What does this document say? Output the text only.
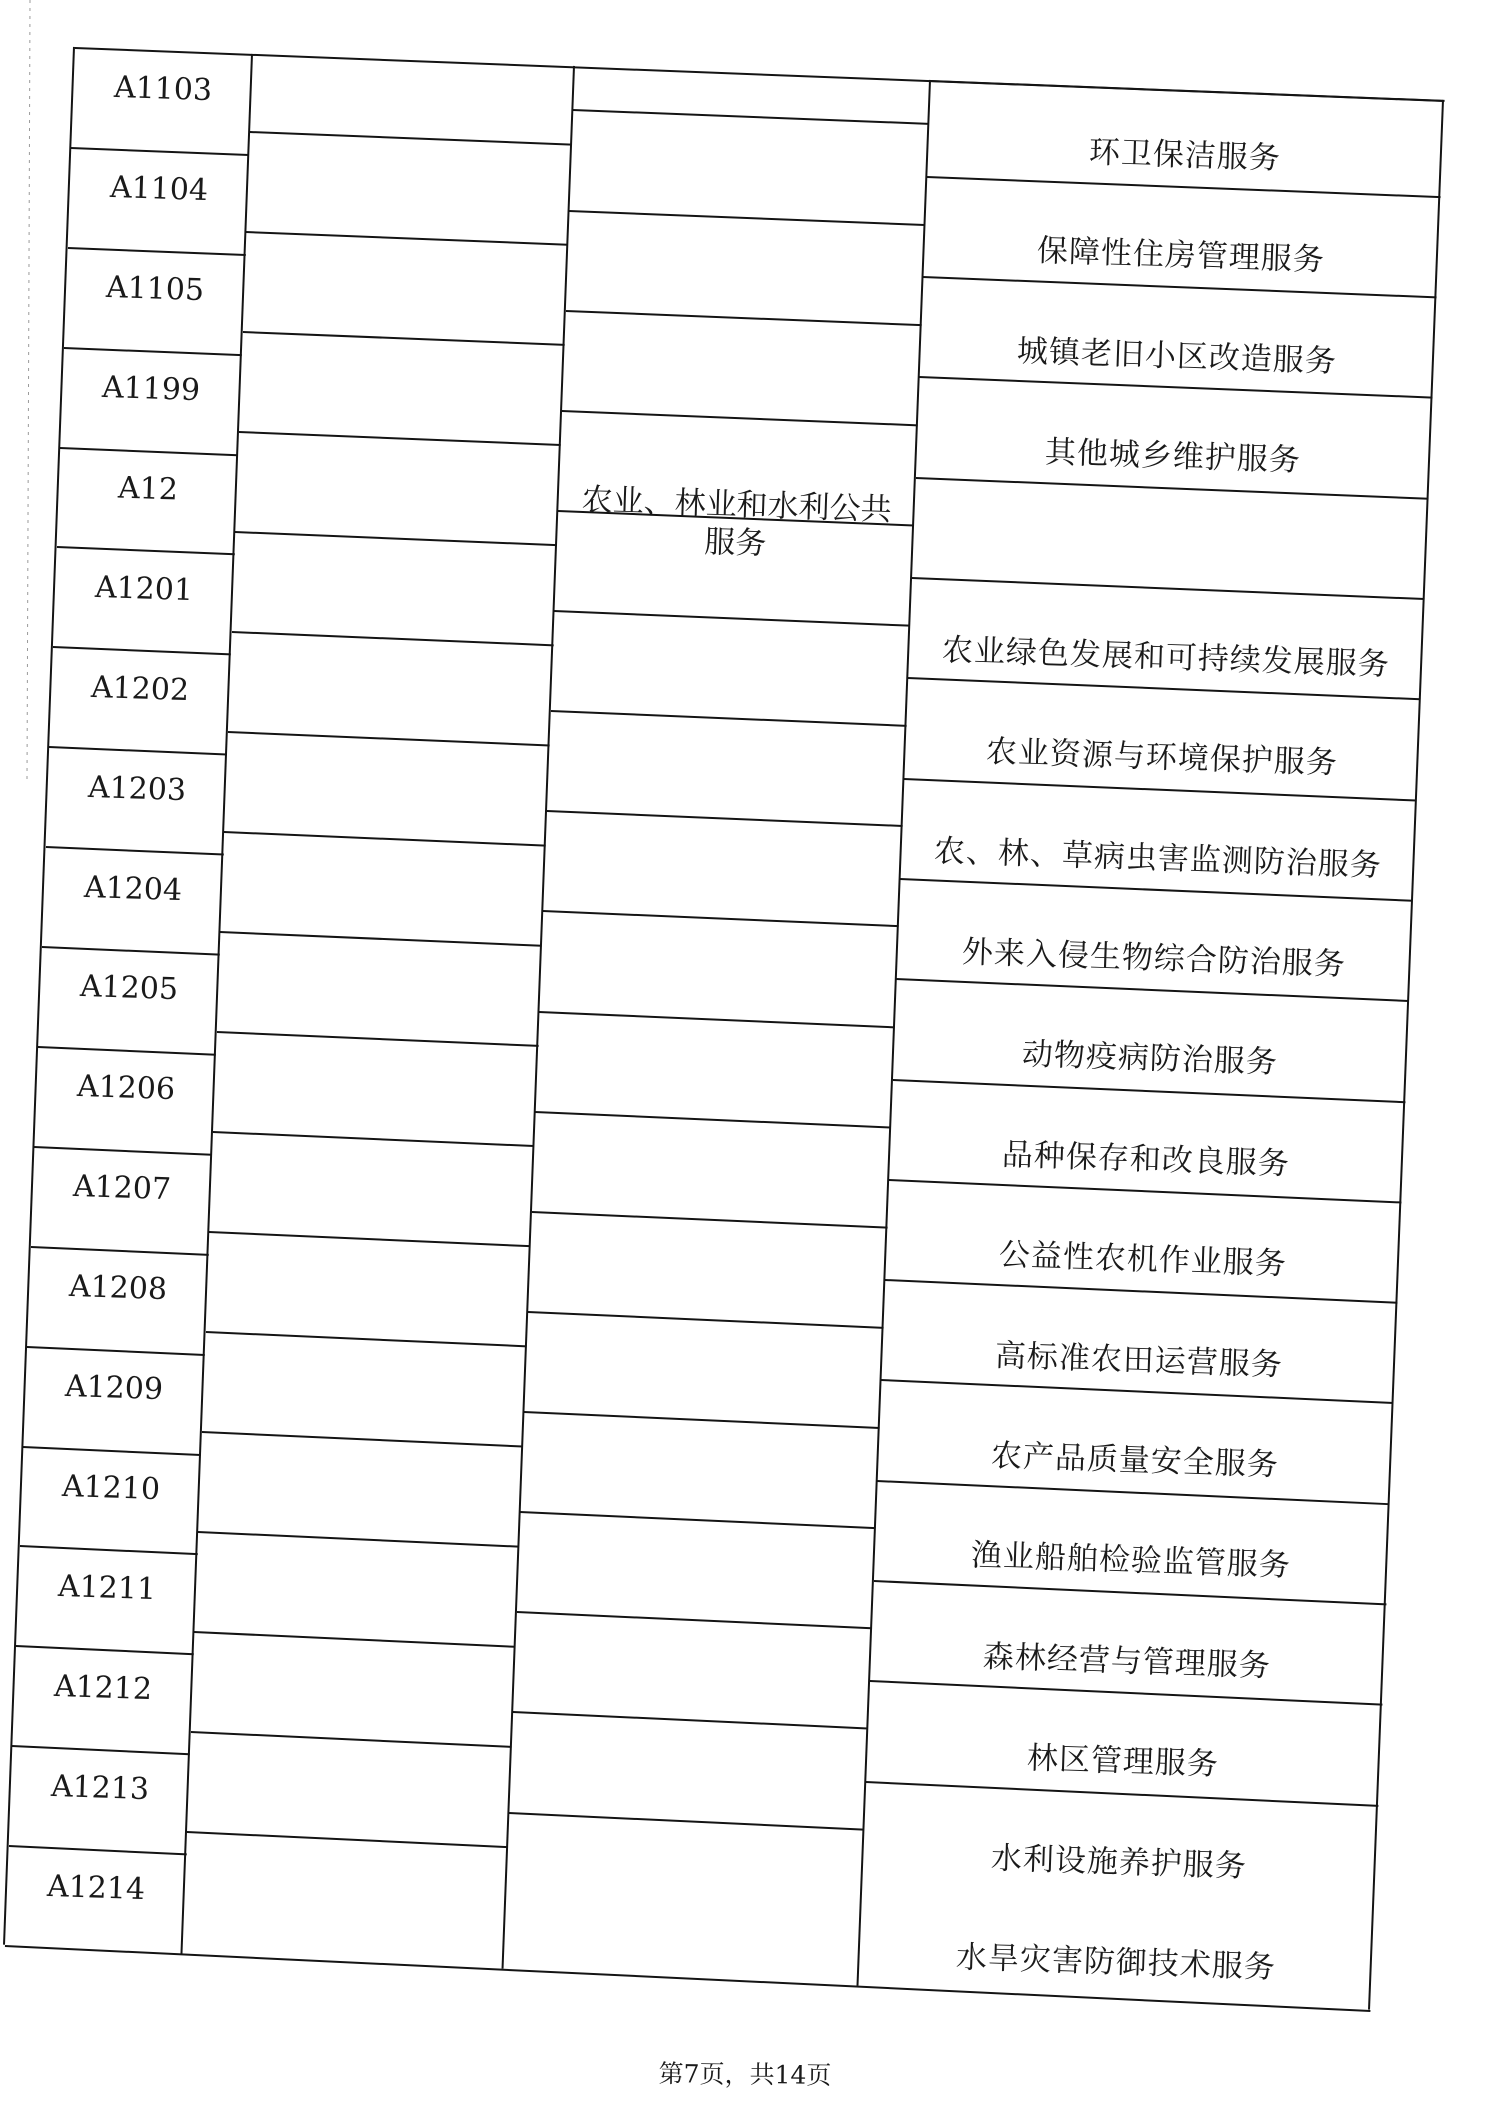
A1103
环卫保洁服务
A1104
保障性住房管理服务
A1105
城镇老旧小区改造服务
A1199
其他城乡维护服务
A12	农业、林业和水利公共服务
A1201
农业绿色发展和可持续发展服务
A1202
农业资源与环境保护服务
A1203
农、林、草病虫害监测防治服务
A1204
外来入侵生物综合防治服务
A1205
动物疫病防治服务
A1206
品种保存和改良服务
A1207
公益性农机作业服务
A1208
高标准农田运营服务
A1209
农产品质量安全服务
A1210
渔业船舶检验监管服务
A1211
森林经营与管理服务
A1212
林区管理服务
A1213
水利设施养护服务
A1214
水旱灾害防御技术服务
第7页，共14页
